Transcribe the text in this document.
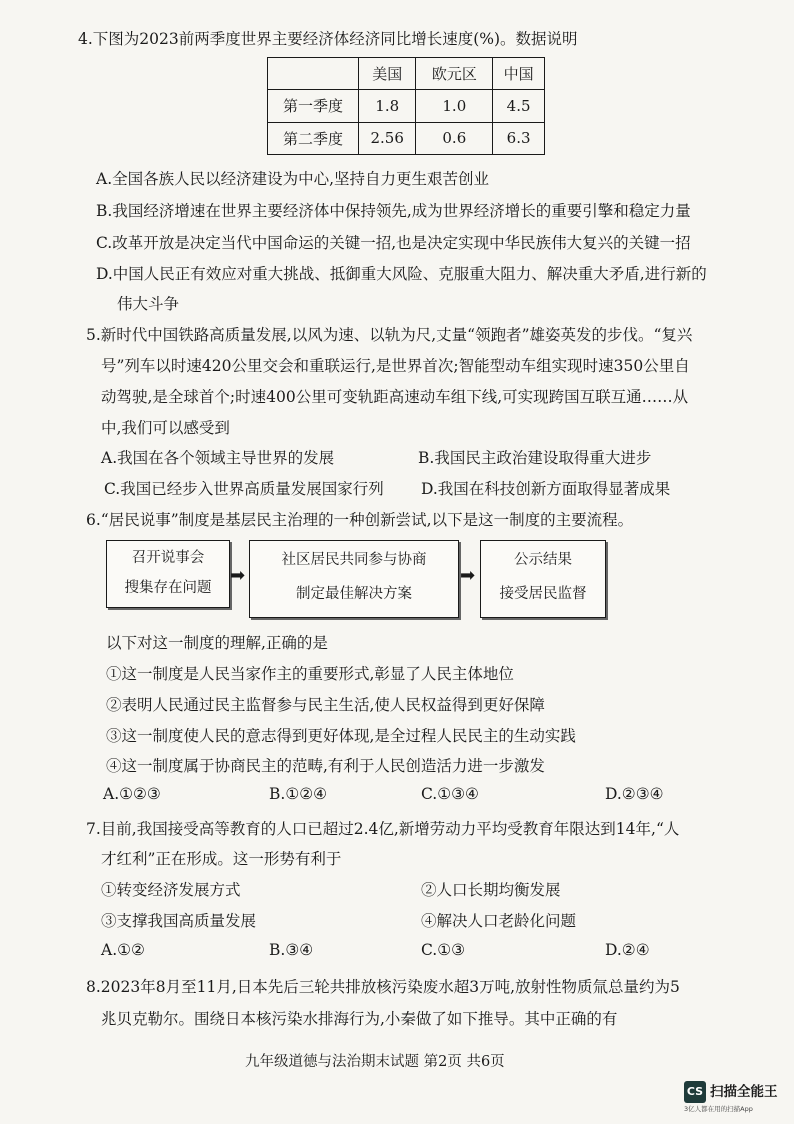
4.下图为2023前两季度世界主要经济体经济同比增长速度(%)。数据说明
	美国	欧元区	中国
第一季度	1.8	1.0	4.5
第二季度	2.56	0.6	6.3
A.全国各族人民以经济建设为中心,坚持自力更生艰苦创业
B.我国经济增速在世界主要经济体中保持领先,成为世界经济增长的重要引擎和稳定力量
C.改革开放是决定当代中国命运的关键一招,也是决定实现中华民族伟大复兴的关键一招
D.中国人民正有效应对重大挑战、抵御重大风险、克服重大阻力、解决重大矛盾,进行新的
伟大斗争
5.新时代中国铁路高质量发展,以风为速、以轨为尺,丈量“领跑者”雄姿英发的步伐。“复兴
号”列车以时速420公里交会和重联运行,是世界首次;智能型动车组实现时速350公里自
动驾驶,是全球首个;时速400公里可变轨距高速动车组下线,可实现跨国互联互通……从
中,我们可以感受到
A.我国在各个领域主导世界的发展	B.我国民主政治建设取得重大进步
C.我国已经步入世界高质量发展国家行列 D.我国在科技创新方面取得显著成果
6.“居民说事”制度是基层民主治理的一种创新尝试,以下是这一制度的主要流程。
召开说事会
搜集存在问题
➡
社区居民共同参与协商
制定最佳解决方案
➡
公示结果
接受居民监督
以下对这一制度的理解,正确的是
①这一制度是人民当家作主的重要形式,彰显了人民主体地位
②表明人民通过民主监督参与民主生活,使人民权益得到更好保障
③这一制度使人民的意志得到更好体现,是全过程人民民主的生动实践
④这一制度属于协商民主的范畴,有利于人民创造活力进一步激发
A.①②③	B.①②④	C.①③④	D.②③④
7.目前,我国接受高等教育的人口已超过2.4亿,新增劳动力平均受教育年限达到14年,“人
才红利”正在形成。这一形势有利于
①转变经济发展方式	②人口长期均衡发展
③支撑我国高质量发展	④解决人口老龄化问题
A.①②	B.③④	C.①③	D.②④
8.2023年8月至11月,日本先后三轮共排放核污染废水超3万吨,放射性物质氚总量约为5
兆贝克勒尔。围绕日本核污染水排海行为,小秦做了如下推导。其中正确的有
九年级道德与法治期末试题 第2页 共6页
CS 扫描全能王
3亿人都在用的扫描App
